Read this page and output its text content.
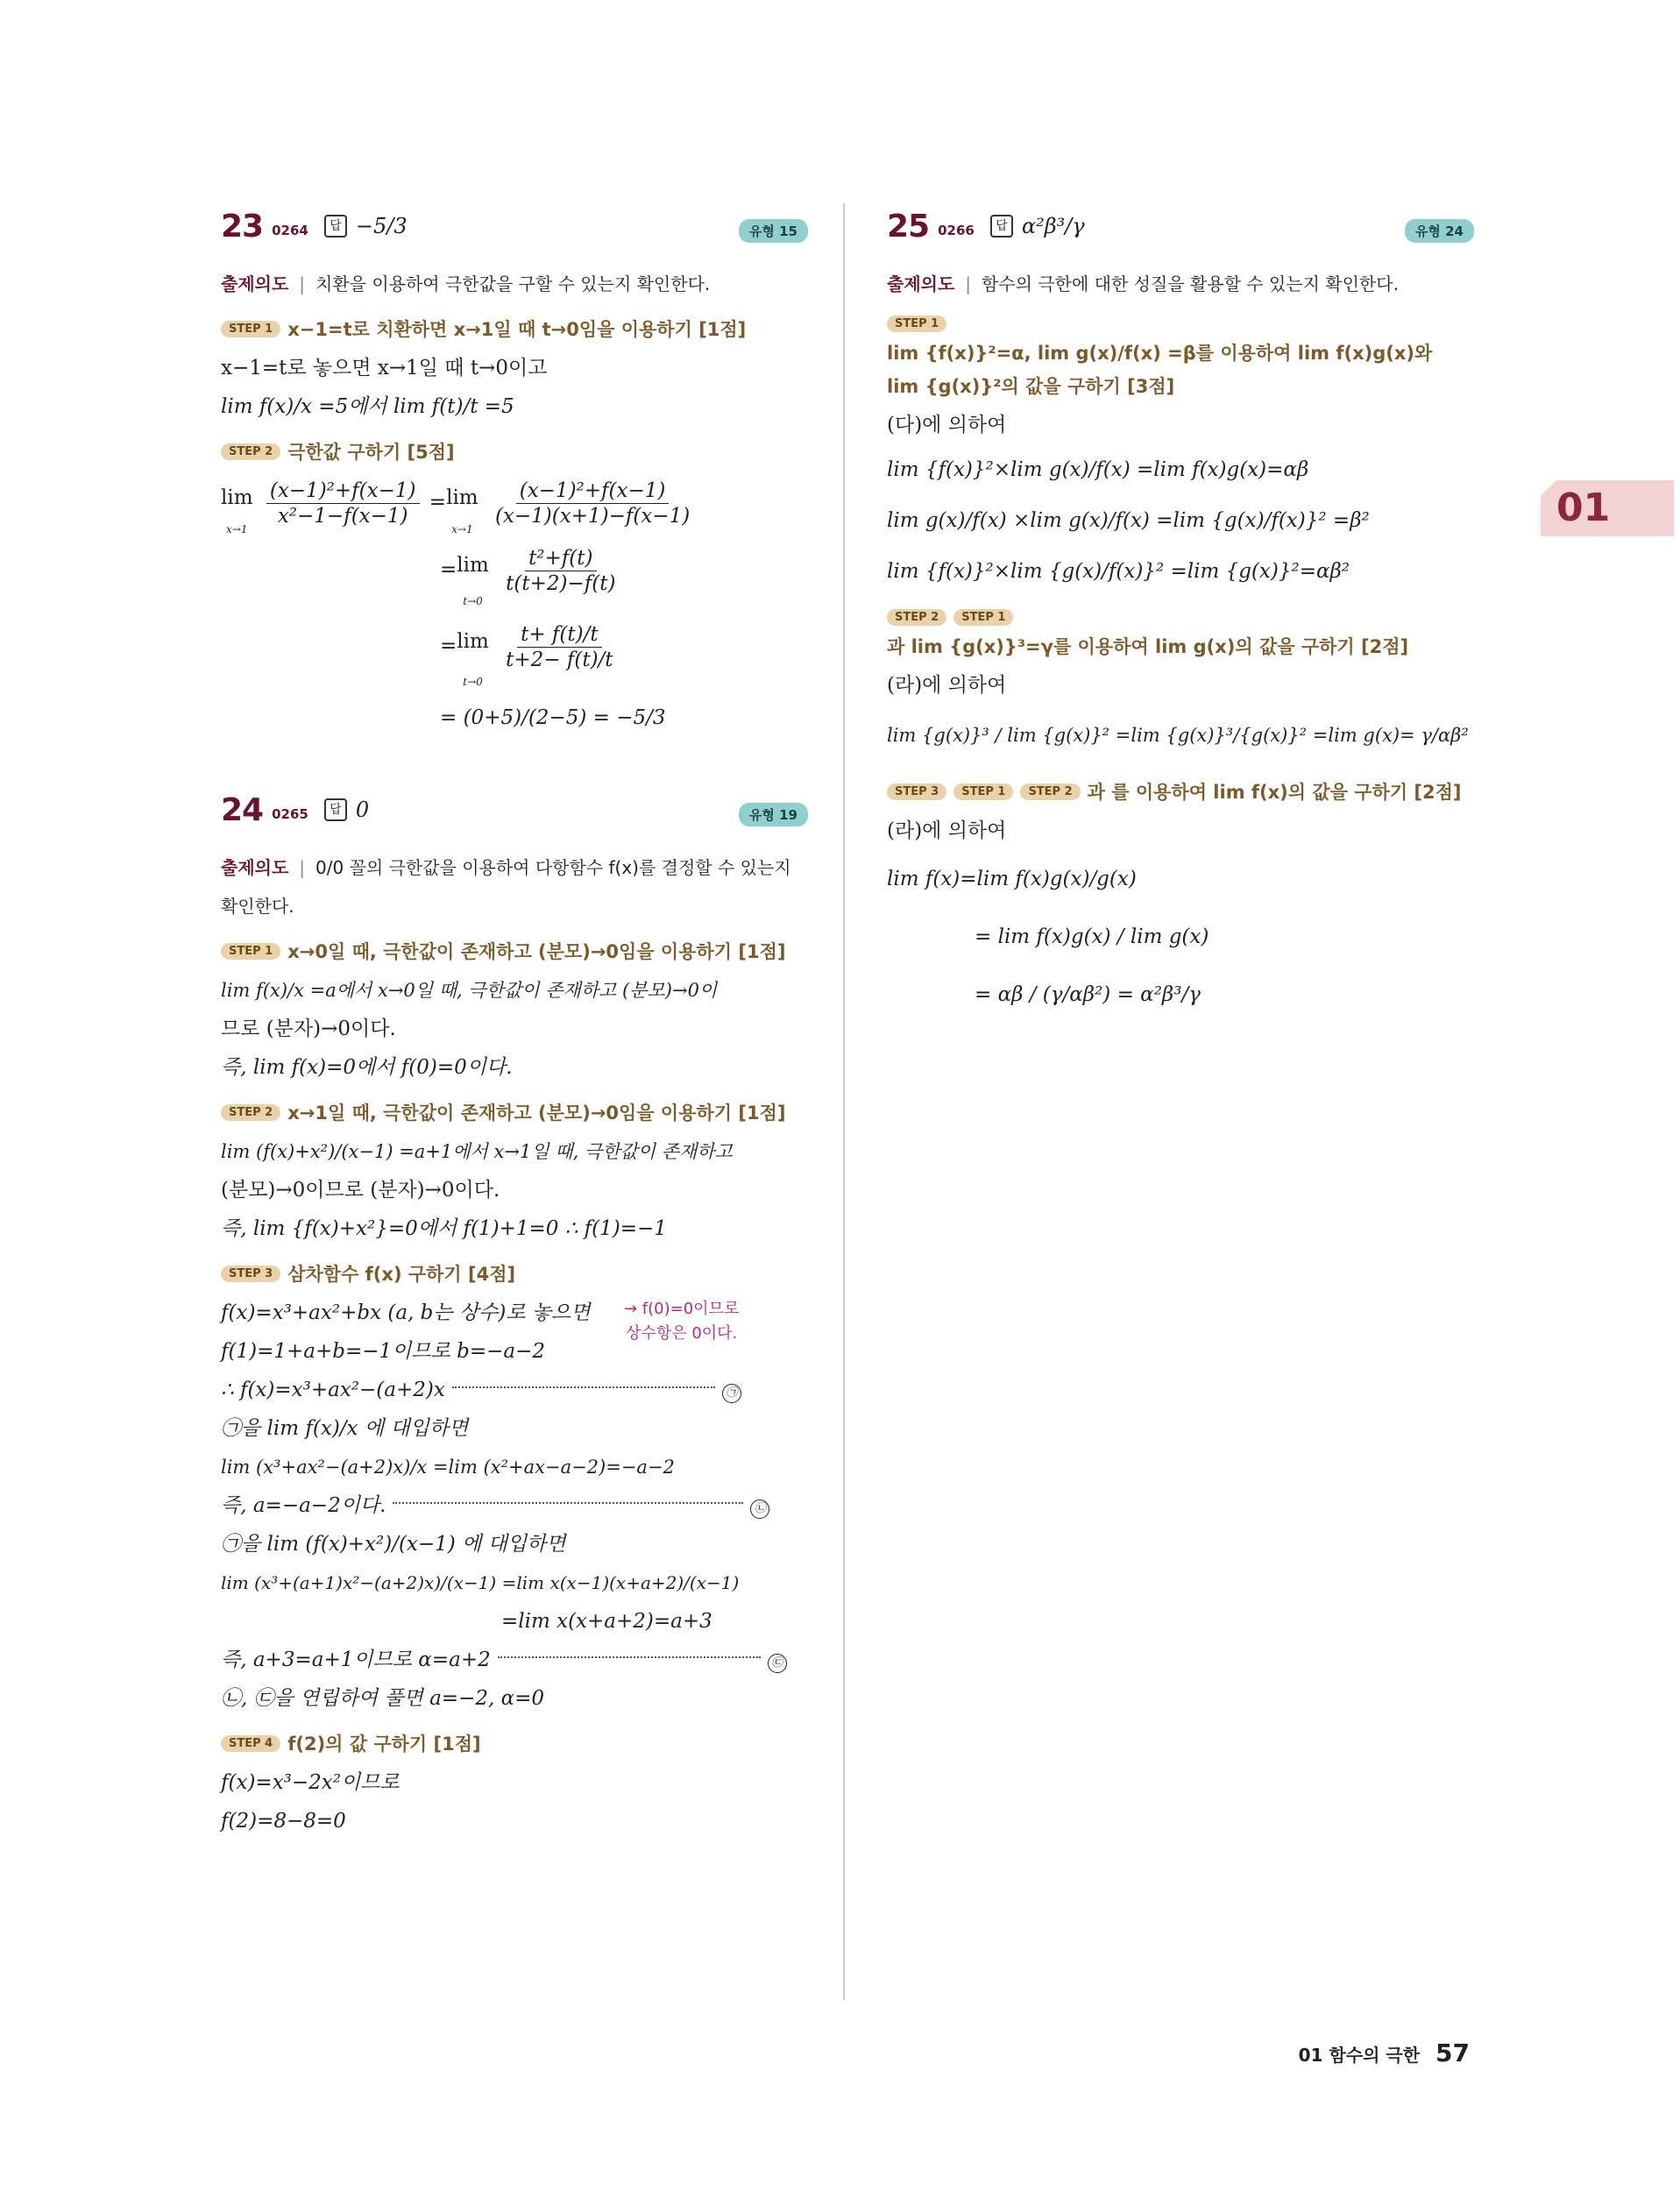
01
23 0264	답 −5/3	유형 15
출제의도 | 치환을 이용하여 극한값을 구할 수 있는지 확인한다.
STEP 1 x−1=t로 치환하면 x→1일 때 t→0임을 이용하기 [1점]
x−1=t로 놓으면 x→1일 때 t→0이고
lim f(x)/x =5에서 lim f(t)/t =5
STEP 2 극한값 구하기 [5점]
lim
x→1

$\frac{\text{(x−1)²+f(x−1)}}{\text{x²−1−f(x−1)}} =\lim$
x→1

$\frac{\text{(x−1)²+f(x−1)}}{(x-1)(x+1)-f(x-1)}$
=lim
t→0

$\frac{\text{t²+f(t)}}{t(t+2)-f(t)}$
=lim
t→0

$\frac{t+ f(t)/t}{t+2- f(t)/t}$
= (0+5)/(2−5) = −5/3
24 0265	답 0	유형 19
출제의도 | 0/0 꼴의 극한값을 이용하여 다항함수 f(x)를 결정할 수 있는지 확인한다.
STEP 1 x→0일 때, 극한값이 존재하고 (분모)→0임을 이용하기 [1점]
lim f(x)/x =a에서 x→0일 때, 극한값이 존재하고 (분모)→0이
므로 (분자)→0이다.
즉, lim f(x)=0에서 f(0)=0이다.
STEP 2 x→1일 때, 극한값이 존재하고 (분모)→0임을 이용하기 [1점]
lim (f(x)+x²)/(x−1) =a+1에서 x→1일 때, 극한값이 존재하고
(분모)→0이므로 (분자)→0이다.
즉, lim {f(x)+x²}=0에서 f(1)+1=0 ∴ f(1)=−1
STEP 3 삼차함수 f(x) 구하기 [4점]
f(x)=x³+ax²+bx (a, b는 상수)로 놓으면	→ f(0)=0이므로
상수항은 0이다.
f(1)=1+a+b=−1이므로 b=−a−2
∴ f(x)=x³+ax²−(a+2)x	㉠
㉠을 lim f(x)/x 에 대입하면
lim (x³+ax²−(a+2)x)/x =lim (x²+ax−a−2)=−a−2
즉, a=−a−2이다.	㉡
㉠을 lim (f(x)+x²)/(x−1) 에 대입하면
lim (x³+(a+1)x²−(a+2)x)/(x−1) =lim x(x−1)(x+a+2)/(x−1)
=lim x(x+a+2)=a+3
즉, a+3=a+1이므로 α=a+2	㉢
㉡, ㉢을 연립하여 풀면 a=−2, α=0
STEP 4 f(2)의 값 구하기 [1점]
f(x)=x³−2x²이므로
f(2)=8−8=0
25 0266	답 α²β³/γ	유형 24
출제의도 | 함수의 극한에 대한 성질을 활용할 수 있는지 확인한다.
STEP 1
lim {f(x)}²=α, lim g(x)/f(x) =β를 이용하여 lim f(x)g(x)와
lim {g(x)}²의 값을 구하기 [3점]
(다)에 의하여
lim {f(x)}²×lim g(x)/f(x) =lim f(x)g(x)=αβ
lim g(x)/f(x) ×lim g(x)/f(x) =lim {g(x)/f(x)}² =β²
lim {f(x)}²×lim {g(x)/f(x)}² =lim {g(x)}²=αβ²
STEP 2	STEP 1
과 lim {g(x)}³=γ를 이용하여 lim g(x)의 값을 구하기 [2점]
(라)에 의하여
lim {g(x)}³ / lim {g(x)}² =lim {g(x)}³/{g(x)}² =lim g(x)= γ/αβ²
STEP 3	STEP 1	STEP 2 과 를 이용하여 lim f(x)의 값을 구하기 [2점]
(라)에 의하여
lim f(x)=lim f(x)g(x)/g(x)
= lim f(x)g(x) / lim g(x)
= αβ / (γ/αβ²) = α²β³/γ
01 함수의 극한 57
